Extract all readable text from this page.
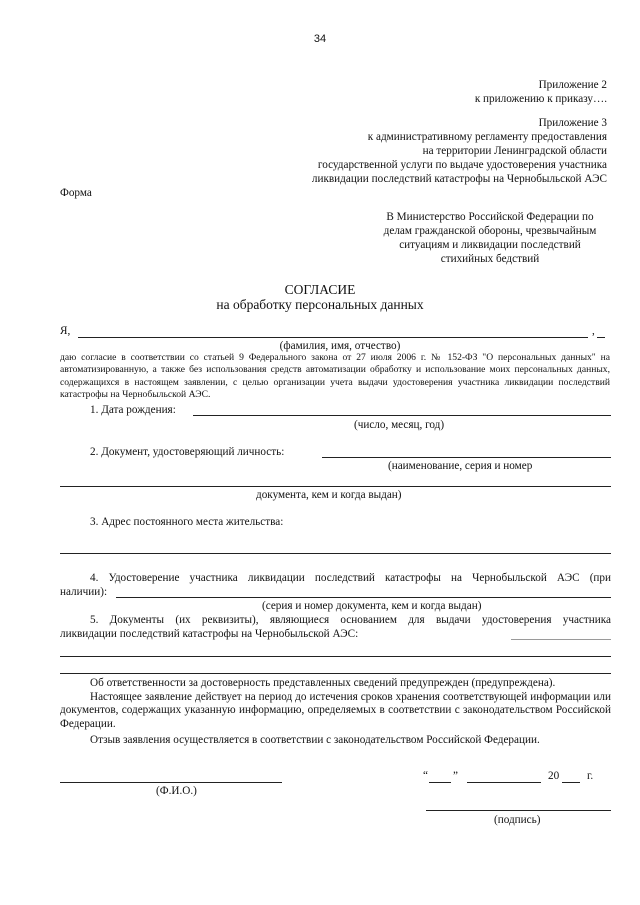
34
Приложение 2
к приложению к приказу….
Приложение 3
к административному регламенту предоставления
на территории Ленинградской области
государственной услуги по выдаче удостоверения участника
ликвидации последствий катастрофы на Чернобыльской АЭС
Форма
В Министерство Российской Федерации по
делам гражданской обороны, чрезвычайным
ситуациям и ликвидации последствий
стихийных бедствий
СОГЛАСИЕ
на обработку персональных данных
Я,	,
(фамилия, имя, отчество)
даю согласие в соответствии со статьей 9 Федерального закона от 27 июля 2006 г. № 152-ФЗ "О персональных данных" на автоматизированную, а также без использования средств автоматизации обработку и использование моих персональных данных, содержащихся в настоящем заявлении, с целью организации учета выдачи удостоверения участника ликвидации последствий катастрофы на Чернобыльской АЭС.
1. Дата рождения:
(число, месяц, год)
2. Документ, удостоверяющий личность:
(наименование, серия и номер
документа, кем и когда выдан)
3. Адрес постоянного места жительства:
4. Удостоверение участника ликвидации последствий катастрофы на Чернобыльской АЭС (при
наличии):
(серия и номер документа, кем и когда выдан)
5. Документы (их реквизиты), являющиеся основанием для выдачи удостоверения участника
ликвидации последствий катастрофы на Чернобыльской АЭС:
Об ответственности за достоверность представленных сведений предупрежден (предупреждена).
Настоящее заявление действует на период до истечения сроков хранения соответствующей информации или документов, содержащих указанную информацию, определяемых в соответствии с законодательством Российской Федерации.
Отзыв заявления осуществляется в соответствии с законодательством Российской Федерации.
(Ф.И.О.)
“ ”	20 г.
(подпись)
